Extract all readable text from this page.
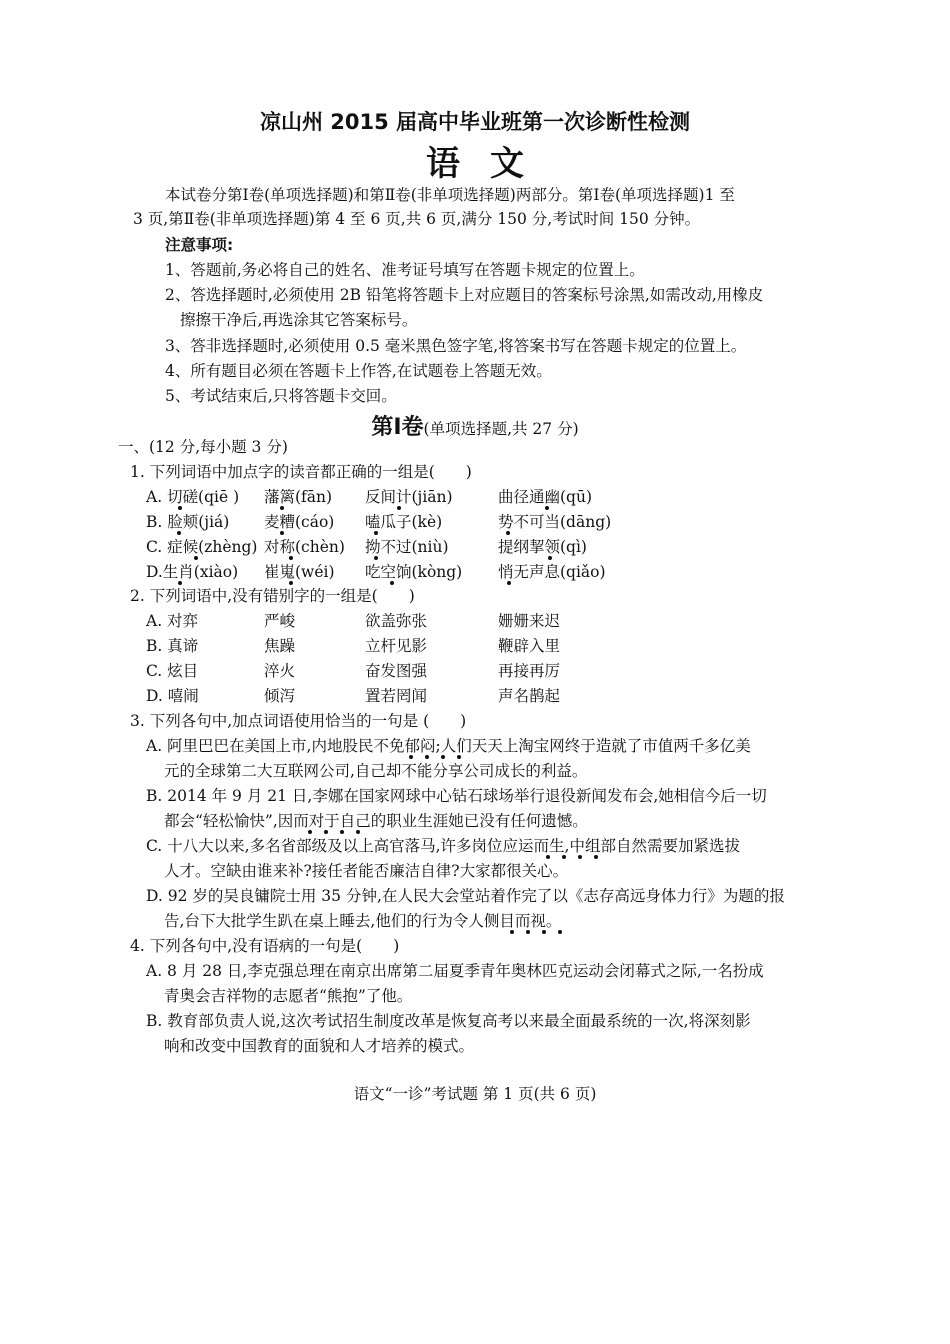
凉山州 2015 届高中毕业班第一次诊断性检测
语文
本试卷分第Ⅰ卷(单项选择题)和第Ⅱ卷(非单项选择题)两部分。第Ⅰ卷(单项选择题)1 至
3 页,第Ⅱ卷(非单项选择题)第 4 至 6 页,共 6 页,满分 150 分,考试时间 150 分钟。
注意事项:
1、答题前,务必将自己的姓名、准考证号填写在答题卡规定的位置上。
2、答选择题时,必须使用 2B 铅笔将答题卡上对应题目的答案标号涂黑,如需改动,用橡皮
擦擦干净后,再选涂其它答案标号。
3、答非选择题时,必须使用 0.5 毫米黑色签字笔,将答案书写在答题卡规定的位置上。
4、所有题目必须在答题卡上作答,在试题卷上答题无效。
5、考试结束后,只将答题卡交回。
第Ⅰ卷(单项选择题,共 27 分)
一、(12 分,每小题 3 分)
1. 下列词语中加点字的读音都正确的一组是(　　)
A. 切磋(qiē ) 藩篱(fān) 反间计(jiān)	曲径通幽(qū)
B. 脸颊(jiá) 麦糟(cáo) 嗑瓜子(kè)	势不可当(dāng)
C. 症候(zhèng) 对称(chèn) 拗不过(niù)	提纲挈领(qì)
D.生肖(xiào) 崔嵬(wéi) 吃空饷(kòng) 悄无声息(qiǎo)
2. 下列词语中,没有错别字的一组是(　　)
A. 对弈	严峻	欲盖弥张	姗姗来迟
B. 真谛	焦躁	立杆见影	鞭辟入里
C. 炫目	淬火	奋发图强	再接再厉
D. 嘻闹	倾泻	置若罔闻	声名鹊起
3. 下列各句中,加点词语使用恰当的一句是 (　　)
A. 阿里巴巴在美国上市,内地股民不免郁闷;人们天天上淘宝网终于造就了市值两千多亿美
元的全球第二大互联网公司,自己却不能分享公司成长的利益。
B. 2014 年 9 月 21 日,李娜在国家网球中心钻石球场举行退役新闻发布会,她相信今后一切
都会“轻松愉快”,因而对于自己的职业生涯她已没有任何遗憾。
C. 十八大以来,多名省部级及以上高官落马,许多岗位应运而生,中组部自然需要加紧选拔
人才。空缺由谁来补?接任者能否廉洁自律?大家都很关心。
D. 92 岁的吴良镛院士用 35 分钟,在人民大会堂站着作完了以《志存高远身体力行》为题的报
告,台下大批学生趴在桌上睡去,他们的行为令人侧目而视。
4. 下列各句中,没有语病的一句是(　　)
A. 8 月 28 日,李克强总理在南京出席第二届夏季青年奥林匹克运动会闭幕式之际,一名扮成
青奥会吉祥物的志愿者“熊抱”了他。
B. 教育部负责人说,这次考试招生制度改革是恢复高考以来最全面最系统的一次,将深刻影
响和改变中国教育的面貌和人才培养的模式。
语文“一诊”考试题 第 1 页(共 6 页)
